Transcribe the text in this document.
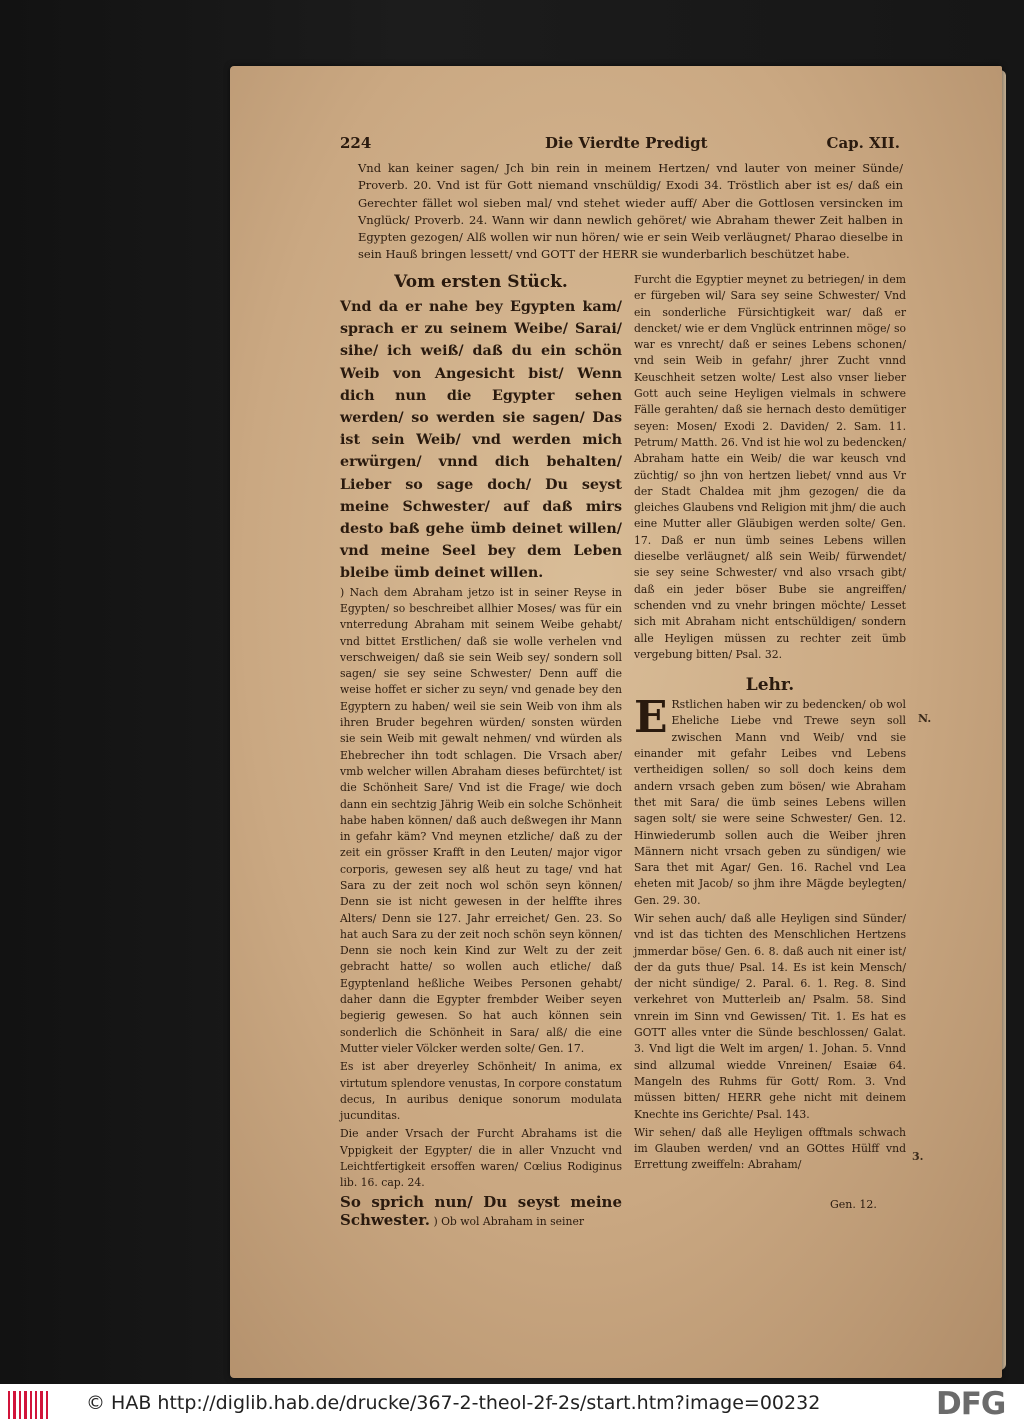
224	Die Vierdte Predigt	Cap. XII.
Vnd kan keiner sagen/ Jch bin rein in meinem Hertzen/ vnd lauter von meiner Sünde/ Proverb. 20. Vnd ist für Gott niemand vnschüldig/ Exodi 34. Tröstlich aber ist es/ daß ein Gerechter fället wol sieben mal/ vnd stehet wieder auff/ Aber die Gottlosen versincken im Vnglück/ Proverb. 24. Wann wir dann newlich gehöret/ wie Abraham thewer Zeit halben in Egypten gezogen/ Alß wollen wir nun hören/ wie er sein Weib verläugnet/ Pharao dieselbe in sein Hauß bringen lessett/ vnd GOTT der HERR sie wunderbarlich beschützet habe.
Vom ersten Stück.
Vnd da er nahe bey Egypten kam/ sprach er zu seinem Weibe/ Sarai/ sihe/ ich weiß/ daß du ein schön Weib von Angesicht bist/ Wenn dich nun die Egypter sehen werden/ so werden sie sagen/ Das ist sein Weib/ vnd werden mich erwürgen/ vnnd dich behalten/ Lieber so sage doch/ Du seyst meine Schwester/ auf daß mirs desto baß gehe ümb deinet willen/ vnd meine Seel bey dem Leben bleibe ümb deinet willen.
) Nach dem Abraham jetzo ist in seiner Reyse in Egypten/ so beschreibet allhier Moses/ was für ein vnterredung Abraham mit seinem Weibe gehabt/ vnd bittet Erstlichen/ daß sie wolle verhelen vnd verschweigen/ daß sie sein Weib sey/ sondern soll sagen/ sie sey seine Schwester/ Denn auff die weise hoffet er sicher zu seyn/ vnd genade bey den Egyptern zu haben/ weil sie sein Weib von ihm als ihren Bruder begehren würden/ sonsten würden sie sein Weib mit gewalt nehmen/ vnd würden als Ehebrecher ihn todt schlagen. Die Vrsach aber/ vmb welcher willen Abraham dieses befürchtet/ ist die Schönheit Sare/ Vnd ist die Frage/ wie doch dann ein sechtzig Jährig Weib ein solche Schönheit habe haben können/ daß auch deßwegen ihr Mann in gefahr käm? Vnd meynen etzliche/ daß zu der zeit ein grösser Krafft in den Leuten/ major vigor corporis, gewesen sey alß heut zu tage/ vnd hat Sara zu der zeit noch wol schön seyn können/ Denn sie ist nicht gewesen in der helffte ihres Alters/ Denn sie 127. Jahr erreichet/ Gen. 23. So hat auch Sara zu der zeit noch schön seyn können/ Denn sie noch kein Kind zur Welt zu der zeit gebracht hatte/ so wollen auch etliche/ daß Egyptenland heßliche Weibes Personen gehabt/ daher dann die Egypter frembder Weiber seyen begierig gewesen. So hat auch können sein sonderlich die Schönheit in Sara/ alß/ die eine Mutter vieler Völcker werden solte/ Gen. 17.
Es ist aber dreyerley Schönheit/ In anima, ex virtutum splendore venustas, In corpore constatum decus, In auribus denique sonorum modulata jucunditas.
Die ander Vrsach der Furcht Abrahams ist die Vppigkeit der Egypter/ die in aller Vnzucht vnd Leichtfertigkeit ersoffen waren/ Cœlius Rodiginus lib. 16. cap. 24.
So sprich nun/ Du seyst meine Schwester. ) Ob wol Abraham in seiner
Furcht die Egyptier meynet zu betriegen/ in dem er fürgeben wil/ Sara sey seine Schwester/ Vnd ein sonderliche Fürsichtigkeit war/ daß er dencket/ wie er dem Vnglück entrinnen möge/ so war es vnrecht/ daß er seines Lebens schonen/ vnd sein Weib in gefahr/ jhrer Zucht vnnd Keuschheit setzen wolte/ Lest also vnser lieber Gott auch seine Heyligen vielmals in schwere Fälle gerahten/ daß sie hernach desto demütiger seyen: Mosen/ Exodi 2. Daviden/ 2. Sam. 11. Petrum/ Matth. 26. Vnd ist hie wol zu bedencken/ Abraham hatte ein Weib/ die war keusch vnd züchtig/ so jhn von hertzen liebet/ vnnd aus Vr der Stadt Chaldea mit jhm gezogen/ die da gleiches Glaubens vnd Religion mit jhm/ die auch eine Mutter aller Gläubigen werden solte/ Gen. 17. Daß er nun ümb seines Lebens willen dieselbe verläugnet/ alß sein Weib/ fürwendet/ sie sey seine Schwester/ vnd also vrsach gibt/ daß ein jeder böser Bube sie angreiffen/ schenden vnd zu vnehr bringen möchte/ Lesset sich mit Abraham nicht entschüldigen/ sondern alle Heyligen müssen zu rechter zeit ümb vergebung bitten/ Psal. 32.
Lehr.
E Rstlichen haben wir zu bedencken/ ob wol Eheliche Liebe vnd Trewe seyn soll zwischen Mann vnd Weib/ vnd sie einander mit gefahr Leibes vnd Lebens vertheidigen sollen/ so soll doch keins dem andern vrsach geben zum bösen/ wie Abraham thet mit Sara/ die ümb seines Lebens willen sagen solt/ sie were seine Schwester/ Gen. 12. Hinwiederumb sollen auch die Weiber jhren Männern nicht vrsach geben zu sündigen/ wie Sara thet mit Agar/ Gen. 16. Rachel vnd Lea eheten mit Jacob/ so jhm ihre Mägde beylegten/ Gen. 29. 30.
Wir sehen auch/ daß alle Heyligen sind Sünder/ vnd ist das tichten des Menschlichen Hertzens jmmerdar böse/ Gen. 6. 8. daß auch nit einer ist/ der da guts thue/ Psal. 14. Es ist kein Mensch/ der nicht sündige/ 2. Paral. 6. 1. Reg. 8. Sind verkehret von Mutterleib an/ Psalm. 58. Sind vnrein im Sinn vnd Gewissen/ Tit. 1. Es hat es GOTT alles vnter die Sünde beschlossen/ Galat. 3. Vnd ligt die Welt im argen/ 1. Johan. 5. Vnnd sind allzumal wiedde Vnreinen/ Esaiæ 64. Mangeln des Ruhms für Gott/ Rom. 3. Vnd müssen bitten/ HERR gehe nicht mit deinem Knechte ins Gerichte/ Psal. 143.
Wir sehen/ daß alle Heyligen offtmals schwach im Glauben werden/ vnd an GOttes Hülff vnd Errettung zweiffeln: Abraham/
N.
3.
Gen. 12.
© HAB http://diglib.hab.de/drucke/367-2-theol-2f-2s/start.htm?image=00232	DFG
